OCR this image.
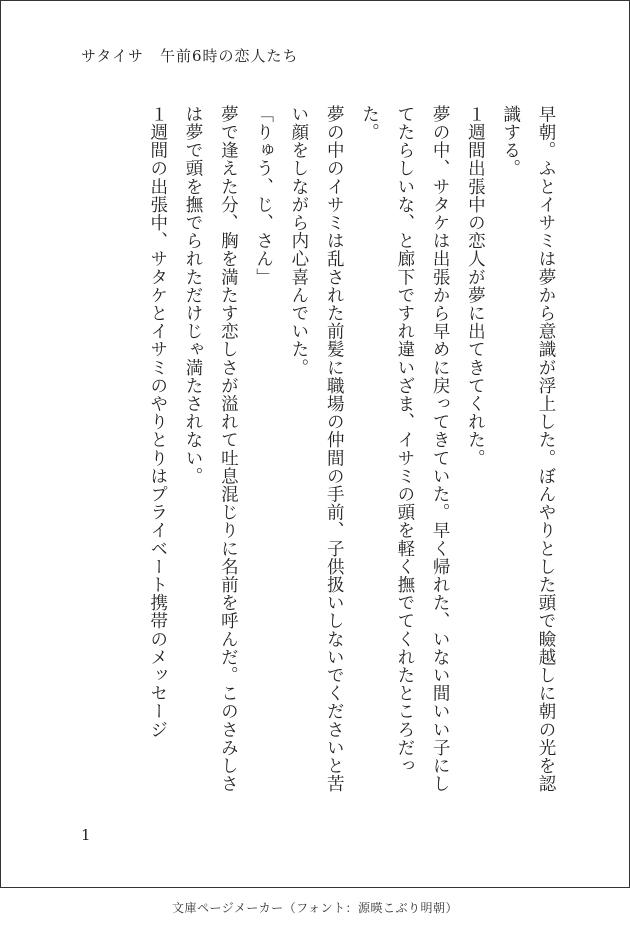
サタイサ　午前6時の恋人たち

早朝。ふとイサミは夢から意識が浮上した。ぼんやりとした頭で瞼越しに朝の光を認識する。

１週間出張中の恋人が夢に出てきてくれた。

夢の中、サタケは出張から早めに戻ってきていた。早く帰れた、いない間いい子にしてたらしいな、と廊下ですれ違いざま、イサミの頭を軽く撫でてくれたところだった。

夢の中のイサミは乱された前髪に職場の仲間の手前、子供扱いしないでくださいと苦い顔をしながら内心喜んでいた。

「りゅう、じ、さん」

夢で逢えた分、胸を満たす恋しさが溢れて吐息混じりに名前を呼んだ。このさみしさは夢で頭を撫でられただけじゃ満たされない。

１週間の出張中、サタケとイサミのやりとりはプライベート携帯のメッセージ

1
文庫ページメーカー（フォント：源暎こぶり明朝）
